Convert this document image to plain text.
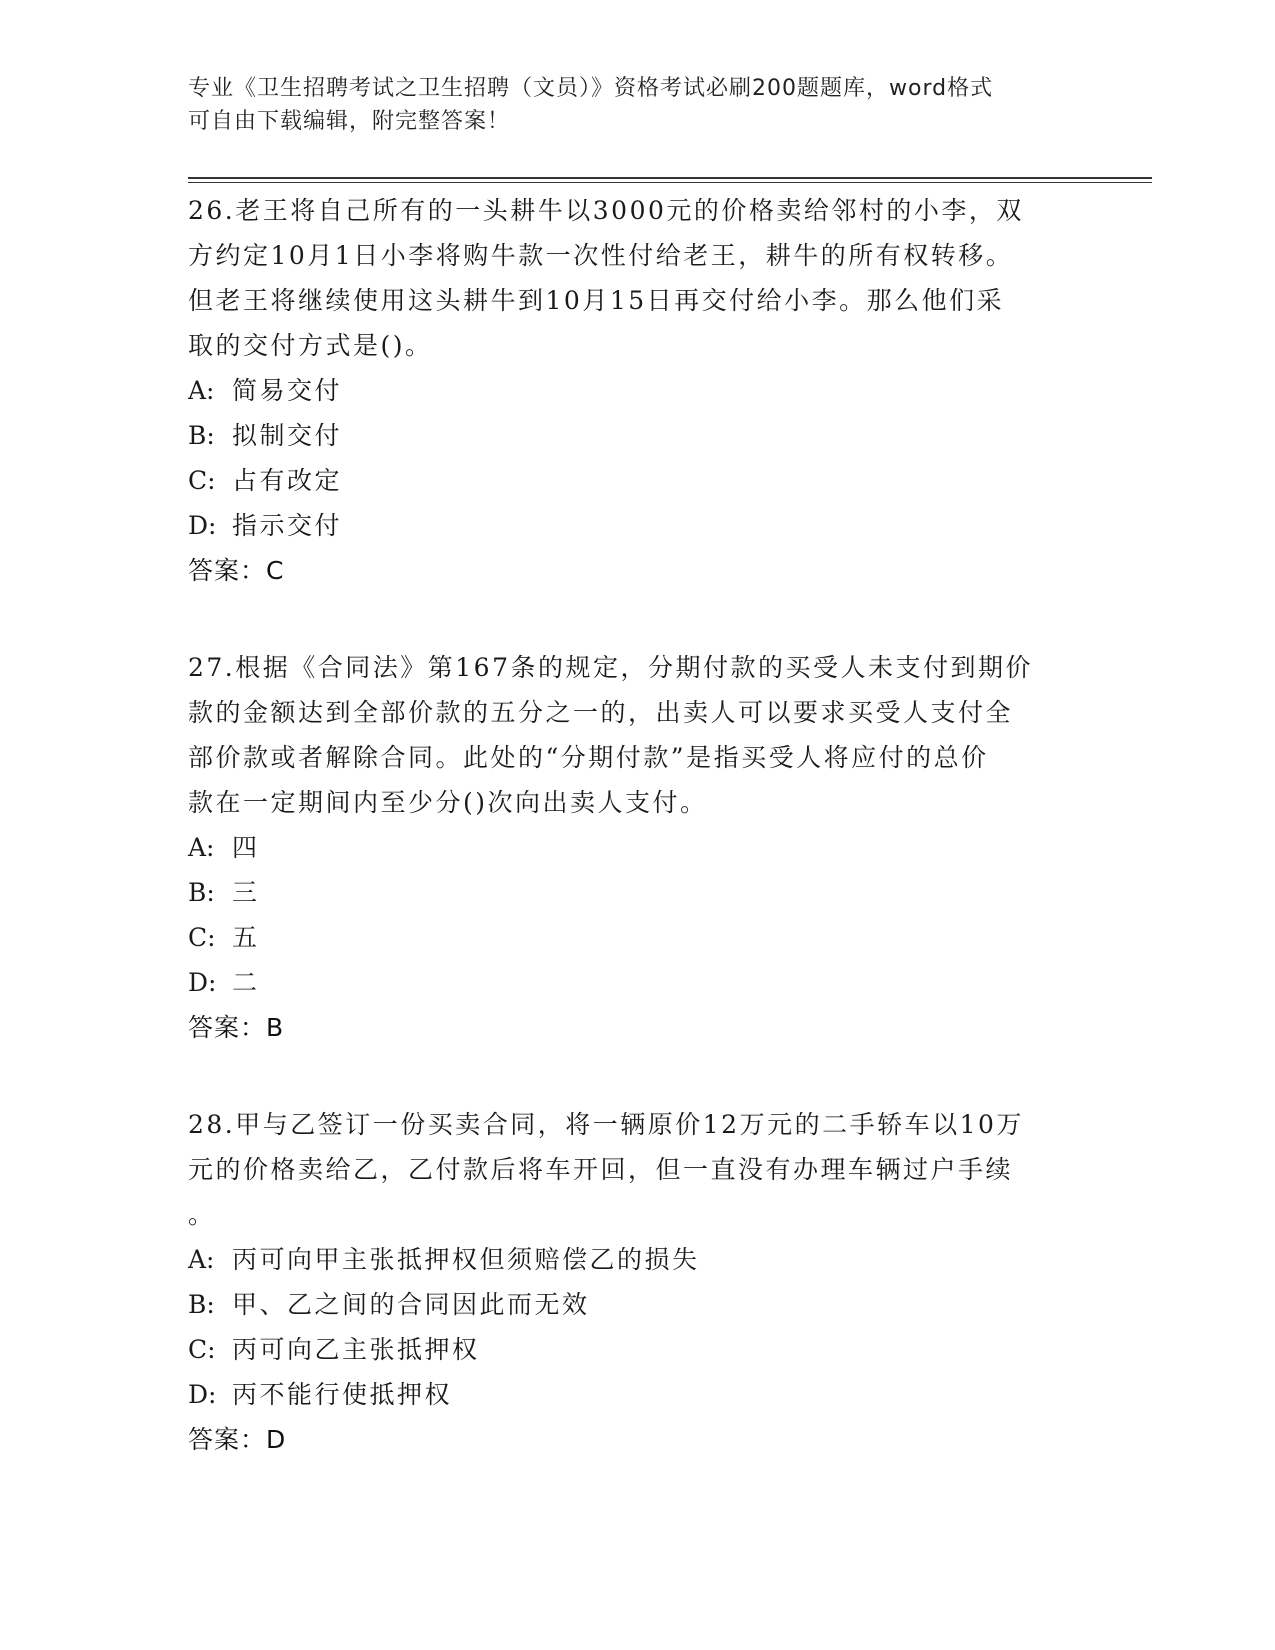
专业《卫生招聘考试之卫生招聘（文员）》资格考试必刷200题题库，word格式
可自由下载编辑，附完整答案！

26.老王将自己所有的一头耕牛以3000元的价格卖给邻村的小李，双

方约定10月1日小李将购牛款一次性付给老王，耕牛的所有权转移。

但老王将继续使用这头耕牛到10月15日再交付给小李。那么他们采

取的交付方式是()。

A: 简易交付

B: 拟制交付

C: 占有改定

D: 指示交付

答案：C

27.根据《合同法》第167条的规定，分期付款的买受人未支付到期价

款的金额达到全部价款的五分之一的，出卖人可以要求买受人支付全

部价款或者解除合同。此处的“分期付款”是指买受人将应付的总价

款在一定期间内至少分()次向出卖人支付。

A: 四

B: 三

C: 五

D: 二

答案：B

28.甲与乙签订一份买卖合同，将一辆原价12万元的二手轿车以10万

元的价格卖给乙，乙付款后将车开回，但一直没有办理车辆过户手续

。

A: 丙可向甲主张抵押权但须赔偿乙的损失

B: 甲、乙之间的合同因此而无效

C: 丙可向乙主张抵押权

D: 丙不能行使抵押权

答案：D
